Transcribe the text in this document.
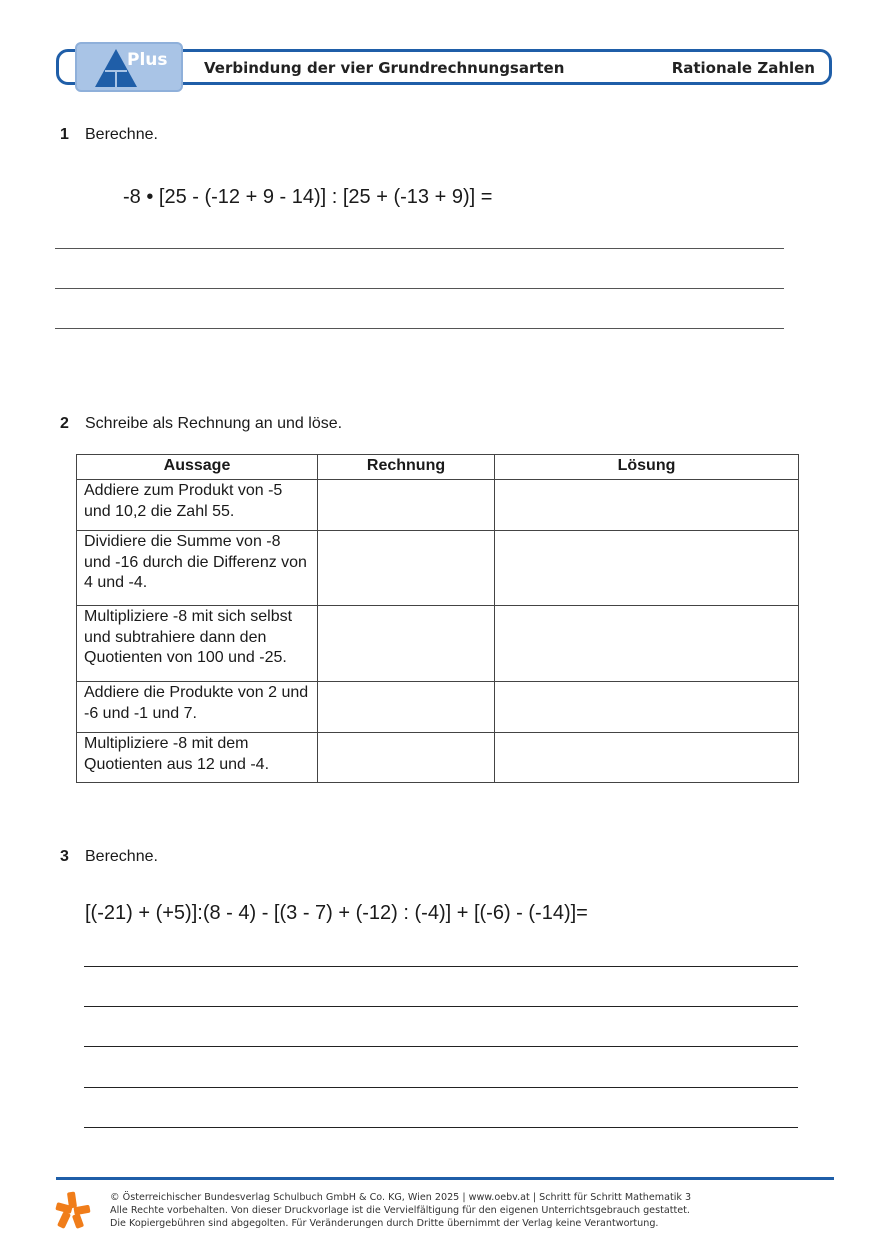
Plus Verbindung der vier Grundrechnungsarten	Rationale Zahlen
1 Berechne.
-8 • [25 - (-12 + 9 - 14)] : [25 + (-13 + 9)] =
2 Schreibe als Rechnung an und löse.
Aussage	Rechnung	Lösung
Addiere zum Produkt von -5 und 10,2 die Zahl 55.		
Dividiere die Summe von -8 und -16 durch die Differenz von 4 und -4.		
Multipliziere -8 mit sich selbst und subtrahiere dann den Quotienten von 100 und -25.		
Addiere die Produkte von 2 und -6 und -1 und 7.		
Multipliziere -8 mit dem Quotienten aus 12 und -4.		
3 Berechne.
[(-21) + (+5)]:(8 - 4) - [(3 - 7) + (-12) : (-4)] + [(-6) - (-14)]=
© Österreichischer Bundesverlag Schulbuch GmbH & Co. KG, Wien 2025 | www.oebv.at | Schritt für Schritt Mathematik 3
Alle Rechte vorbehalten. Von dieser Druckvorlage ist die Vervielfältigung für den eigenen Unterrichtsgebrauch gestattet.
Die Kopiergebühren sind abgegolten. Für Veränderungen durch Dritte übernimmt der Verlag keine Verantwortung.
